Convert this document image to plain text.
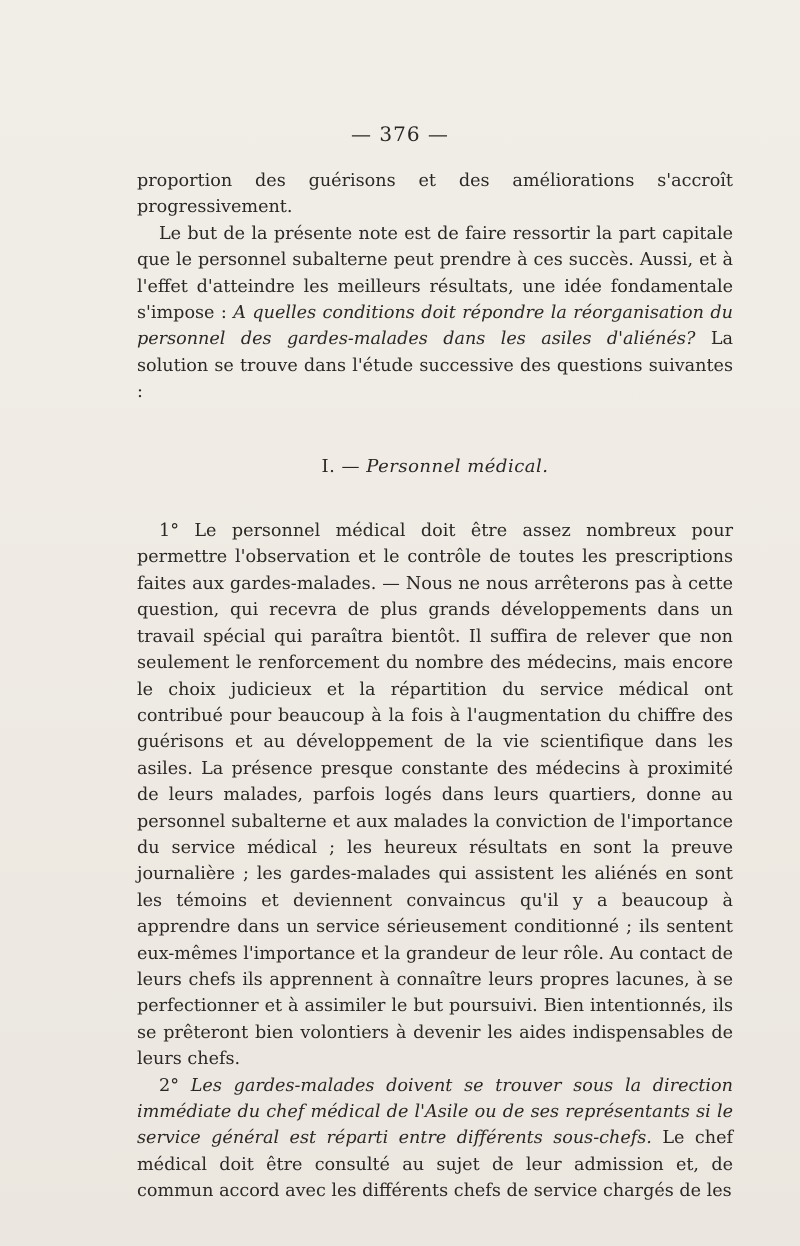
— 376 —

proportion des guérisons et des améliorations s'accroît progressivement.

Le but de la présente note est de faire ressortir la part capitale que le personnel subalterne peut prendre à ces succès. Aussi, et à l'effet d'atteindre les meilleurs résultats, une idée fondamentale s'impose : A quelles conditions doit répondre la réorganisation du personnel des gardes-malades dans les asiles d'aliénés? La solution se trouve dans l'étude successive des questions suivantes :

I. — Personnel médical.

1° Le personnel médical doit être assez nombreux pour permettre l'observation et le contrôle de toutes les prescriptions faites aux gardes-malades. — Nous ne nous arrêterons pas à cette question, qui recevra de plus grands développements dans un travail spécial qui paraîtra bientôt. Il suffira de relever que non seulement le renforcement du nombre des médecins, mais encore le choix judicieux et la répartition du service médical ont contribué pour beaucoup à la fois à l'augmentation du chiffre des guérisons et au développement de la vie scientifique dans les asiles. La présence presque constante des médecins à proximité de leurs malades, parfois logés dans leurs quartiers, donne au personnel subalterne et aux malades la conviction de l'importance du service médical ; les heureux résultats en sont la preuve journalière ; les gardes-malades qui assistent les aliénés en sont les témoins et deviennent convaincus qu'il y a beaucoup à apprendre dans un service sérieusement conditionné ; ils sentent eux-mêmes l'importance et la grandeur de leur rôle. Au contact de leurs chefs ils apprennent à connaître leurs propres lacunes, à se perfectionner et à assimiler le but poursuivi. Bien intentionnés, ils se prêteront bien volontiers à devenir les aides indispensables de leurs chefs.

2° Les gardes-malades doivent se trouver sous la direction immédiate du chef médical de l'Asile ou de ses représentants si le service général est réparti entre différents sous-chefs. Le chef médical doit être consulté au sujet de leur admission et, de commun accord avec les différents chefs de service chargés de les
